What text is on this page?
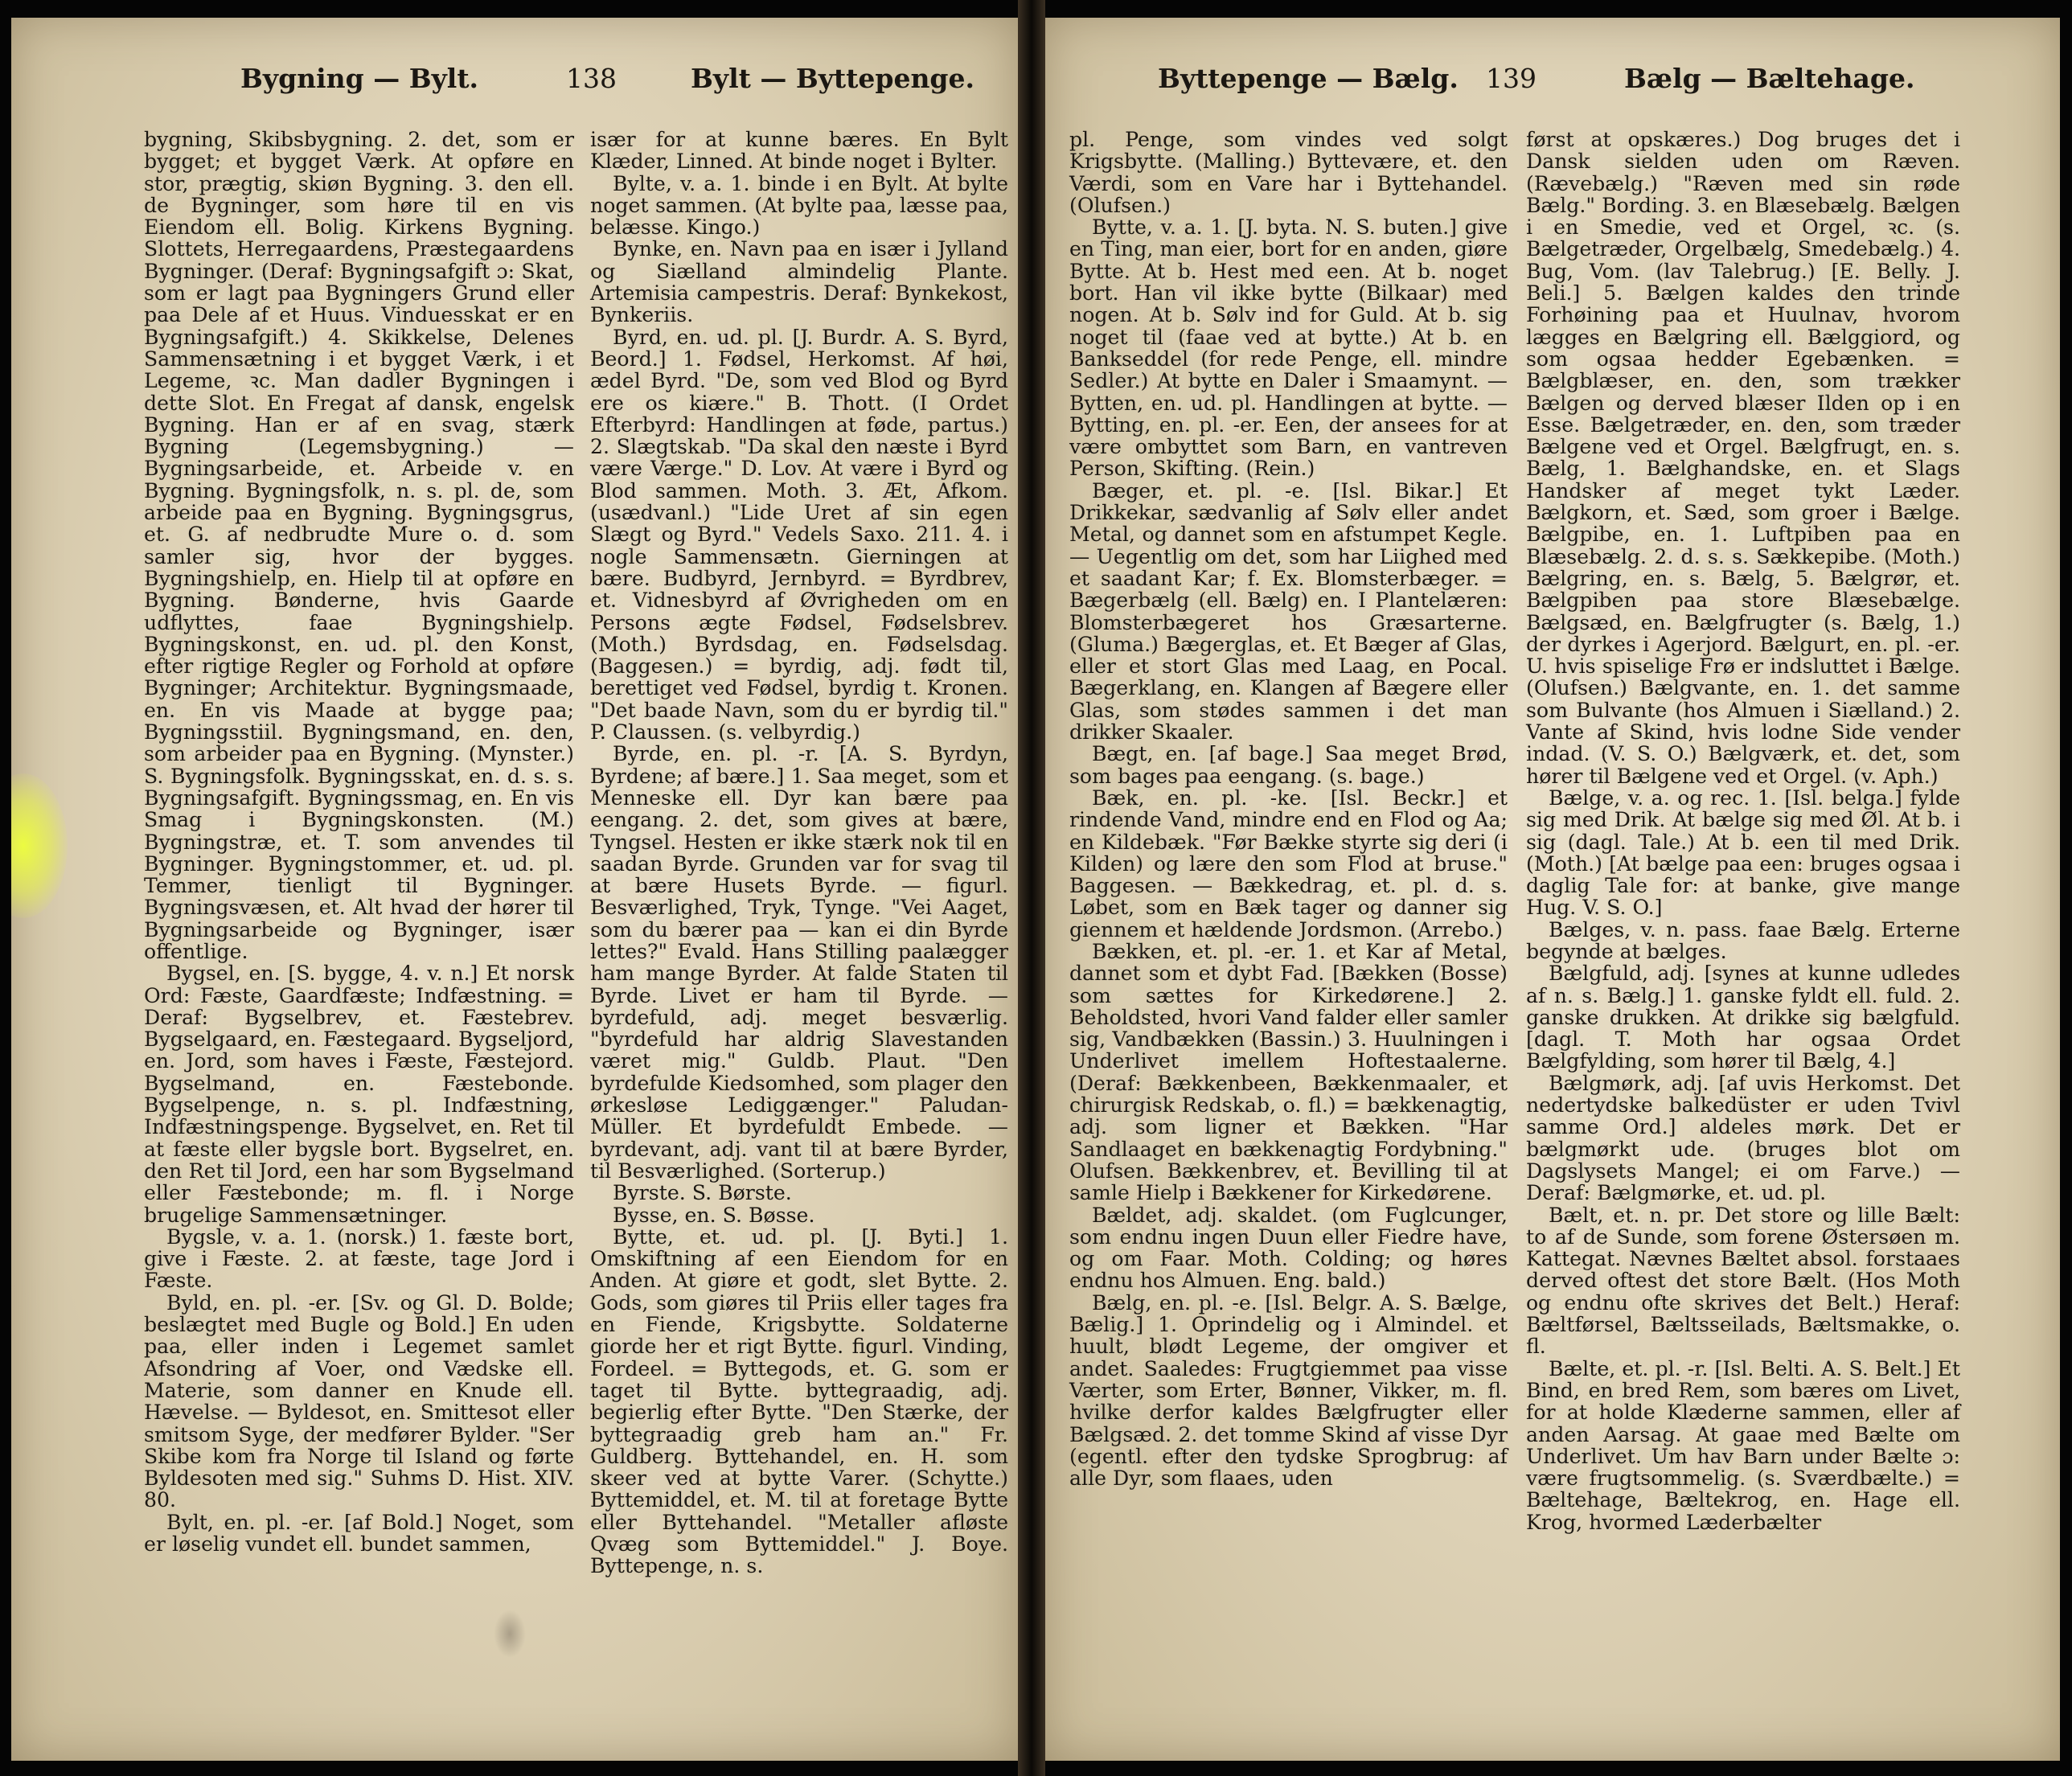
Bygning — Bylt.	138	Bylt — Byttepenge.

bygning, Skibsbygning. 2. det, som er bygget; et bygget Værk. At opføre en stor, prægtig, skiøn Bygning. 3. den ell. de Bygninger, som høre til en vis Eiendom ell. Bolig. Kirkens Bygning. Slottets, Herregaardens, Præstegaardens Bygninger. (Deraf: Bygningsafgift ɔ: Skat, som er lagt paa Bygningers Grund eller paa Dele af et Huus. Vinduesskat er en Bygningsafgift.) 4. Skikkelse, Delenes Sammensætning i et bygget Værk, i et Legeme, ꝛc. Man dadler Bygningen i dette Slot. En Fregat af dansk, engelsk Bygning. Han er af en svag, stærk Bygning (Legemsbygning.) — Bygningsarbeide, et. Arbeide v. en Bygning. Bygningsfolk, n. s. pl. de, som arbeide paa en Bygning. Bygningsgrus, et. G. af nedbrudte Mure o. d. som samler sig, hvor der bygges. Bygningshielp, en. Hielp til at opføre en Bygning. Bønderne, hvis Gaarde udflyttes, faae Bygningshielp. Bygningskonst, en. ud. pl. den Konst, efter rigtige Regler og Forhold at opføre Bygninger; Architektur. Bygningsmaade, en. En vis Maade at bygge paa; Bygningsstiil. Bygningsmand, en. den, som arbeider paa en Bygning. (Mynster.) S. Bygningsfolk. Bygningsskat, en. d. s. s. Bygningsafgift. Bygningssmag, en. En vis Smag i Bygningskonsten. (M.) Bygningstræ, et. T. som anvendes til Bygninger. Bygningstommer, et. ud. pl. Temmer, tienligt til Bygninger. Bygningsvæsen, et. Alt hvad der hører til Bygningsarbeide og Bygninger, især offentlige.

Bygsel, en. [S. bygge, 4. v. n.] Et norsk Ord: Fæste, Gaardfæste; Indfæstning. = Deraf: Bygselbrev, et. Fæstebrev. Bygselgaard, en. Fæstegaard. Bygseljord, en. Jord, som haves i Fæste, Fæstejord. Bygselmand, en. Fæstebonde. Bygselpenge, n. s. pl. Indfæstning, Indfæstningspenge. Bygselvet, en. Ret til at fæste eller bygsle bort. Bygselret, en. den Ret til Jord, een har som Bygselmand eller Fæstebonde; m. fl. i Norge brugelige Sammensætninger.

Bygsle, v. a. 1. (norsk.) 1. fæste bort, give i Fæste. 2. at fæste, tage Jord i Fæste.

Byld, en. pl. -er. [Sv. og Gl. D. Bolde; beslægtet med Bugle og Bold.] En uden paa, eller inden i Legemet samlet Afsondring af Voer, ond Vædske ell. Materie, som danner en Knude ell. Hævelse. — Byldesot, en. Smittesot eller smitsom Syge, der medfører Bylder. "Ser Skibe kom fra Norge til Island og førte Byldesoten med sig." Suhms D. Hist. XIV. 80.

Bylt, en. pl. -er. [af Bold.] Noget, som er løselig vundet ell. bundet sammen,

især for at kunne bæres. En Bylt Klæder, Linned. At binde noget i Bylter.

Bylte, v. a. 1. binde i en Bylt. At bylte noget sammen. (At bylte paa, læsse paa, belæsse. Kingo.)

Bynke, en. Navn paa en især i Jylland og Siælland almindelig Plante. Artemisia campestris. Deraf: Bynkekost, Bynkeriis.

Byrd, en. ud. pl. [J. Burdr. A. S. Byrd, Beord.] 1. Fødsel, Herkomst. Af høi, ædel Byrd. "De, som ved Blod og Byrd ere os kiære." B. Thott. (I Ordet Efterbyrd: Handlingen at føde, partus.) 2. Slægtskab. "Da skal den næste i Byrd være Værge." D. Lov. At være i Byrd og Blod sammen. Moth. 3. Æt, Afkom. (usædvanl.) "Lide Uret af sin egen Slægt og Byrd." Vedels Saxo. 211. 4. i nogle Sammensætn. Gierningen at bære. Budbyrd, Jernbyrd. = Byrdbrev, et. Vidnesbyrd af Øvrigheden om en Persons ægte Fødsel, Fødselsbrev. (Moth.) Byrdsdag, en. Fødselsdag. (Baggesen.) = byrdig, adj. født til, berettiget ved Fødsel, byrdig t. Kronen. "Det baade Navn, som du er byrdig til." P. Claussen. (s. velbyrdig.)

Byrde, en. pl. -r. [A. S. Byrdyn, Byrdene; af bære.] 1. Saa meget, som et Menneske ell. Dyr kan bære paa eengang. 2. det, som gives at bære, Tyngsel. Hesten er ikke stærk nok til en saadan Byrde. Grunden var for svag til at bære Husets Byrde. — figurl. Besværlighed, Tryk, Tynge. "Vei Aaget, som du bærer paa — kan ei din Byrde lettes?" Evald. Hans Stilling paalægger ham mange Byrder. At falde Staten til Byrde. Livet er ham til Byrde. — byrdefuld, adj. meget besværlig. "byrdefuld har aldrig Slavestanden været mig." Guldb. Plaut. "Den byrdefulde Kiedsomhed, som plager den ørkesløse Lediggænger." Paludan-Müller. Et byrdefuldt Embede. — byrdevant, adj. vant til at bære Byrder, til Besværlighed. (Sorterup.)

Byrste. S. Børste.

Bysse, en. S. Bøsse.

Bytte, et. ud. pl. [J. Byti.] 1. Omskiftning af een Eiendom for en Anden. At giøre et godt, slet Bytte. 2. Gods, som giøres til Priis eller tages fra en Fiende, Krigsbytte. Soldaterne giorde her et rigt Bytte. figurl. Vinding, Fordeel. = Byttegods, et. G. som er taget til Bytte. byttegraadig, adj. begierlig efter Bytte. "Den Stærke, der byttegraadig greb ham an." Fr. Guldberg. Byttehandel, en. H. som skeer ved at bytte Varer. (Schytte.) Byttemiddel, et. M. til at foretage Bytte eller Byttehandel. "Metaller afløste Qvæg som Byttemiddel." J. Boye. Byttepenge, n. s.

Byttepenge — Bælg. 139	Bælg — Bæltehage.

pl. Penge, som vindes ved solgt Krigsbytte. (Malling.) Byttevære, et. den Værdi, som en Vare har i Byttehandel. (Olufsen.)

Bytte, v. a. 1. [J. byta. N. S. buten.] give en Ting, man eier, bort for en anden, giøre Bytte. At b. Hest med een. At b. noget bort. Han vil ikke bytte (Bilkaar) med nogen. At b. Sølv ind for Guld. At b. sig noget til (faae ved at bytte.) At b. en Bankseddel (for rede Penge, ell. mindre Sedler.) At bytte en Daler i Smaamynt. — Bytten, en. ud. pl. Handlingen at bytte. — Bytting, en. pl. -er. Een, der ansees for at være ombyttet som Barn, en vantreven Person, Skifting. (Rein.)

Bæger, et. pl. -e. [Isl. Bikar.] Et Drikkekar, sædvanlig af Sølv eller andet Metal, og dannet som en afstumpet Kegle. — Uegentlig om det, som har Liighed med et saadant Kar; f. Ex. Blomsterbæger. = Bægerbælg (ell. Bælg) en. I Plantelæren: Blomsterbægeret hos Græsarterne. (Gluma.) Bægerglas, et. Et Bæger af Glas, eller et stort Glas med Laag, en Pocal. Bægerklang, en. Klangen af Bægere eller Glas, som stødes sammen i det man drikker Skaaler.

Bægt, en. [af bage.] Saa meget Brød, som bages paa eengang. (s. bage.)

Bæk, en. pl. -ke. [Isl. Beckr.] et rindende Vand, mindre end en Flod og Aa; en Kildebæk. "Før Bække styrte sig deri (i Kilden) og lære den som Flod at bruse." Baggesen. — Bækkedrag, et. pl. d. s. Løbet, som en Bæk tager og danner sig giennem et hældende Jordsmon. (Arrebo.)

Bækken, et. pl. -er. 1. et Kar af Metal, dannet som et dybt Fad. [Bækken (Bosse) som sættes for Kirkedørene.] 2. Beholdsted, hvori Vand falder eller samler sig, Vandbækken (Bassin.) 3. Huulningen i Underlivet imellem Hoftestaalerne. (Deraf: Bækkenbeen, Bækkenmaaler, et chirurgisk Redskab, o. fl.) = bækkenagtig, adj. som ligner et Bækken. "Har Sandlaaget en bækkenagtig Fordybning." Olufsen. Bækkenbrev, et. Bevilling til at samle Hielp i Bækkener for Kirkedørene.

Bældet, adj. skaldet. (om Fuglcunger, som endnu ingen Duun eller Fiedre have, og om Faar. Moth. Colding; og høres endnu hos Almuen. Eng. bald.)

Bælg, en. pl. -e. [Isl. Belgr. A. S. Bælge, Bælig.] 1. Oprindelig og i Almindel. et huult, blødt Legeme, der omgiver et andet. Saaledes: Frugtgiemmet paa visse Værter, som Erter, Bønner, Vikker, m. fl. hvilke derfor kaldes Bælgfrugter eller Bælgsæd. 2. det tomme Skind af visse Dyr (egentl. efter den tydske Sprogbrug: af alle Dyr, som flaaes, uden

først at opskæres.) Dog bruges det i Dansk sielden uden om Ræven. (Rævebælg.) "Ræven med sin røde Bælg." Bording. 3. en Blæsebælg. Bælgen i en Smedie, ved et Orgel, ꝛc. (s. Bælgetræder, Orgelbælg, Smedebælg.) 4. Bug, Vom. (lav Talebrug.) [E. Belly. J. Beli.] 5. Bælgen kaldes den trinde Forhøining paa et Huulnav, hvorom lægges en Bælgring ell. Bælggiord, og som ogsaa hedder Egebænken. = Bælgblæser, en. den, som trækker Bælgen og derved blæser Ilden op i en Esse. Bælgetræder, en. den, som træder Bælgene ved et Orgel. Bælgfrugt, en. s. Bælg, 1. Bælghandske, en. et Slags Handsker af meget tykt Læder. Bælgkorn, et. Sæd, som groer i Bælge. Bælgpibe, en. 1. Luftpiben paa en Blæsebælg. 2. d. s. s. Sækkepibe. (Moth.) Bælgring, en. s. Bælg, 5. Bælgrør, et. Bælgpiben paa store Blæsebælge. Bælgsæd, en. Bælgfrugter (s. Bælg, 1.) der dyrkes i Agerjord. Bælgurt, en. pl. -er. U. hvis spiselige Frø er indsluttet i Bælge. (Olufsen.) Bælgvante, en. 1. det samme som Bulvante (hos Almuen i Siælland.) 2. Vante af Skind, hvis lodne Side vender indad. (V. S. O.) Bælgværk, et. det, som hører til Bælgene ved et Orgel. (v. Aph.)

Bælge, v. a. og rec. 1. [Isl. belga.] fylde sig med Drik. At bælge sig med Øl. At b. i sig (dagl. Tale.) At b. een til med Drik. (Moth.) [At bælge paa een: bruges ogsaa i daglig Tale for: at banke, give mange Hug. V. S. O.]

Bælges, v. n. pass. faae Bælg. Erterne begynde at bælges.

Bælgfuld, adj. [synes at kunne udledes af n. s. Bælg.] 1. ganske fyldt ell. fuld. 2. ganske drukken. At drikke sig bælgfuld. [dagl. T. Moth har ogsaa Ordet Bælgfylding, som hører til Bælg, 4.]

Bælgmørk, adj. [af uvis Herkomst. Det nedertydske balkedüster er uden Tvivl samme Ord.] aldeles mørk. Det er bælgmørkt ude. (bruges blot om Dagslysets Mangel; ei om Farve.) — Deraf: Bælgmørke, et. ud. pl.

Bælt, et. n. pr. Det store og lille Bælt: to af de Sunde, som forene Østersøen m. Kattegat. Nævnes Bæltet absol. forstaaes derved oftest det store Bælt. (Hos Moth og endnu ofte skrives det Belt.) Heraf: Bæltførsel, Bæltsseilads, Bæltsmakke, o. fl.

Bælte, et. pl. -r. [Isl. Belti. A. S. Belt.] Et Bind, en bred Rem, som bæres om Livet, for at holde Klæderne sammen, eller af anden Aarsag. At gaae med Bælte om Underlivet. Um hav Barn under Bælte ɔ: være frugtsommelig. (s. Sværdbælte.) = Bæltehage, Bæltekrog, en. Hage ell. Krog, hvormed Læderbælter
